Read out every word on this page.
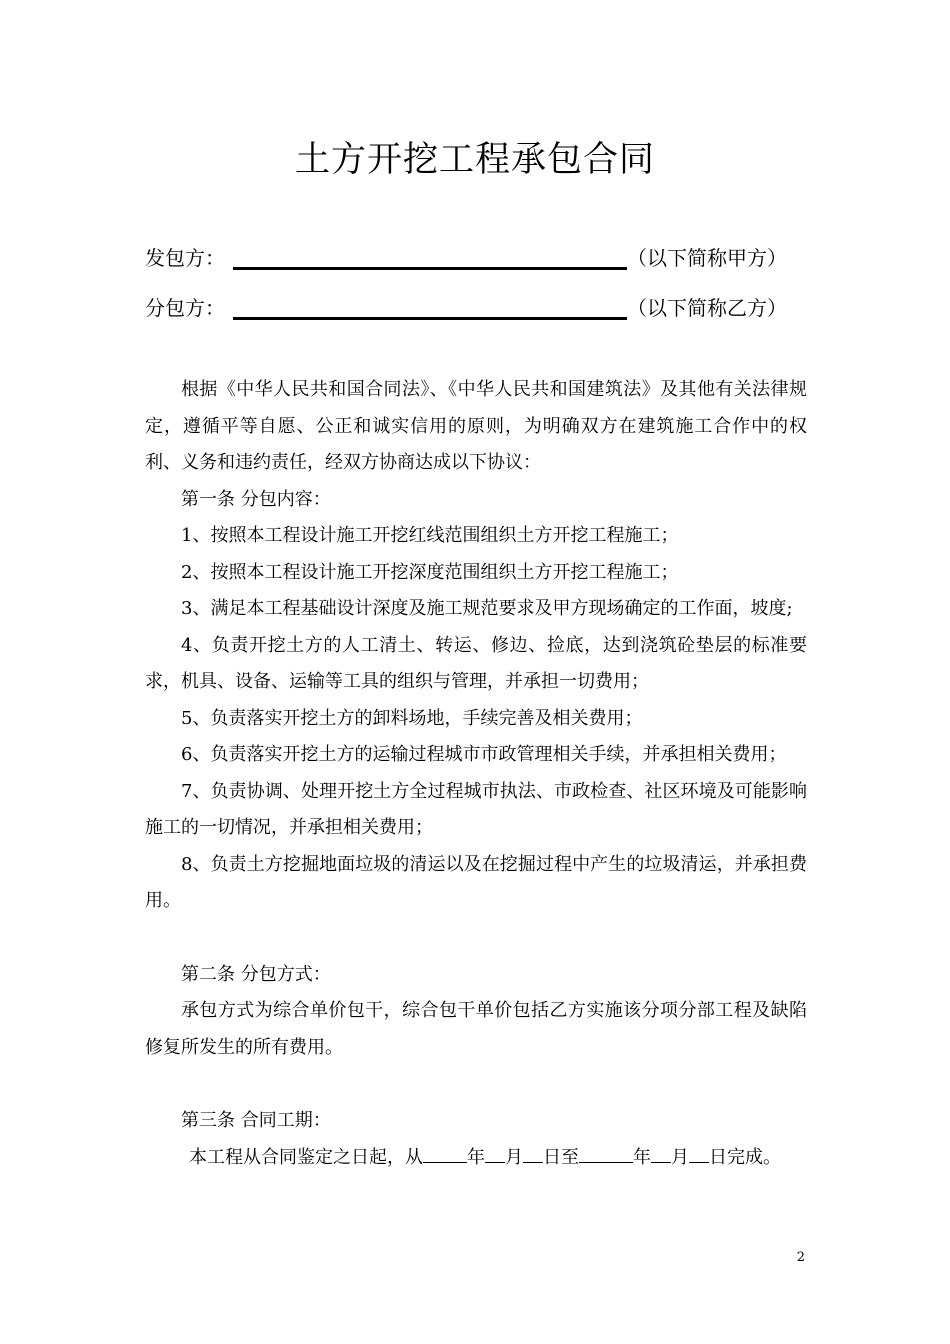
土方开挖工程承包合同
发包方：	（以下简称甲方）
分包方：	（以下简称乙方）

根据《中华人民共和国合同法》、《中华人民共和国建筑法》及其他有关法律规定，遵循平等自愿、公正和诚实信用的原则，为明确双方在建筑施工合作中的权利、义务和违约责任，经双方协商达成以下协议：

第一条 分包内容：

1、按照本工程设计施工开挖红线范围组织土方开挖工程施工；

2、按照本工程设计施工开挖深度范围组织土方开挖工程施工；

3、满足本工程基础设计深度及施工规范要求及甲方现场确定的工作面，坡度;

4、负责开挖土方的人工清土、转运、修边、捡底，达到浇筑砼垫层的标准要求，机具、设备、运输等工具的组织与管理，并承担一切费用；

5、负责落实开挖土方的卸料场地，手续完善及相关费用；

6、负责落实开挖土方的运输过程城市市政管理相关手续，并承担相关费用；

7、负责协调、处理开挖土方全过程城市执法、市政检查、社区环境及可能影响施工的一切情况，并承担相关费用；

8、负责土方挖掘地面垃圾的清运以及在挖掘过程中产生的垃圾清运，并承担费用。

第二条 分包方式：

承包方式为综合单价包干，综合包干单价包括乙方实施该分项分部工程及缺陷修复所发生的所有费用。

第三条 合同工期：

本工程从合同鉴定之日起，从 年 月 日至	年 月 日完成。

2
